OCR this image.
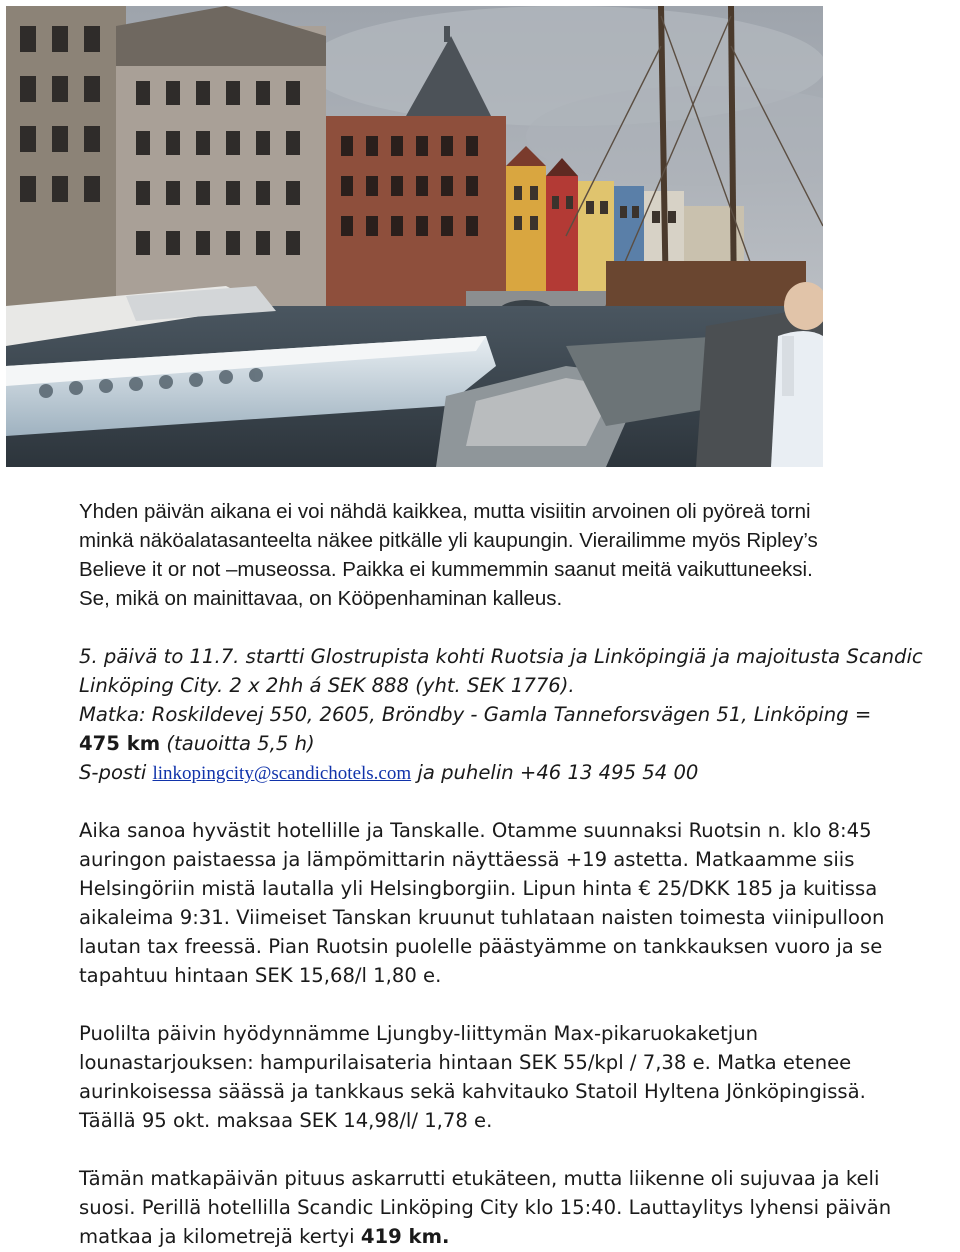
Yhden päivän aikana ei voi nähdä kaikkea, mutta visiitin arvoinen oli pyöreä torni

minkä näköalatasanteelta näkee pitkälle yli kaupungin. Vierailimme myös Ripley’s

Believe it or not –museossa. Paikka ei kummemmin saanut meitä vaikuttuneeksi.

Se, mikä on mainittavaa, on Kööpenhaminan kalleus.

5. päivä to 11.7. startti Glostrupista kohti Ruotsia ja Linköpingiä ja majoitusta Scandic
Linköping City. 2 x 2hh á SEK 888 (yht. SEK 1776).
Matka: Roskildevej 550, 2605, Bröndby - Gamla Tanneforsvägen 51, Linköping =
475 km (tauoitta 5,5 h)
S-posti linkopingcity@scandichotels.com ja puhelin +46 13 495 54 00
Aika sanoa hyvästit hotellille ja Tanskalle. Otamme suunnaksi Ruotsin n. klo 8:45
auringon paistaessa ja lämpömittarin näyttäessä +19 astetta. Matkaamme siis
Helsingöriin mistä lautalla yli Helsingborgiin. Lipun hinta € 25/DKK 185 ja kuitissa
aikaleima 9:31. Viimeiset Tanskan kruunut tuhlataan naisten toimesta viinipulloon
lautan tax freessä. Pian Ruotsin puolelle päästyämme on tankkauksen vuoro ja se
tapahtuu hintaan SEK 15,68/l 1,80 e.
Puolilta päivin hyödynnämme Ljungby-liittymän Max-pikaruokaketjun
lounastarjouksen: hampurilaisateria hintaan SEK 55/kpl / 7,38 e. Matka etenee
aurinkoisessa säässä ja tankkaus sekä kahvitauko Statoil Hyltena Jönköpingissä.
Täällä 95 okt. maksaa SEK 14,98/l/ 1,78 e.
Tämän matkapäivän pituus askarrutti etukäteen, mutta liikenne oli sujuvaa ja keli
suosi. Perillä hotellilla Scandic Linköping City klo 15:40. Lauttaylitys lyhensi päivän
matkaa ja kilometrejä kertyi 419 km.
